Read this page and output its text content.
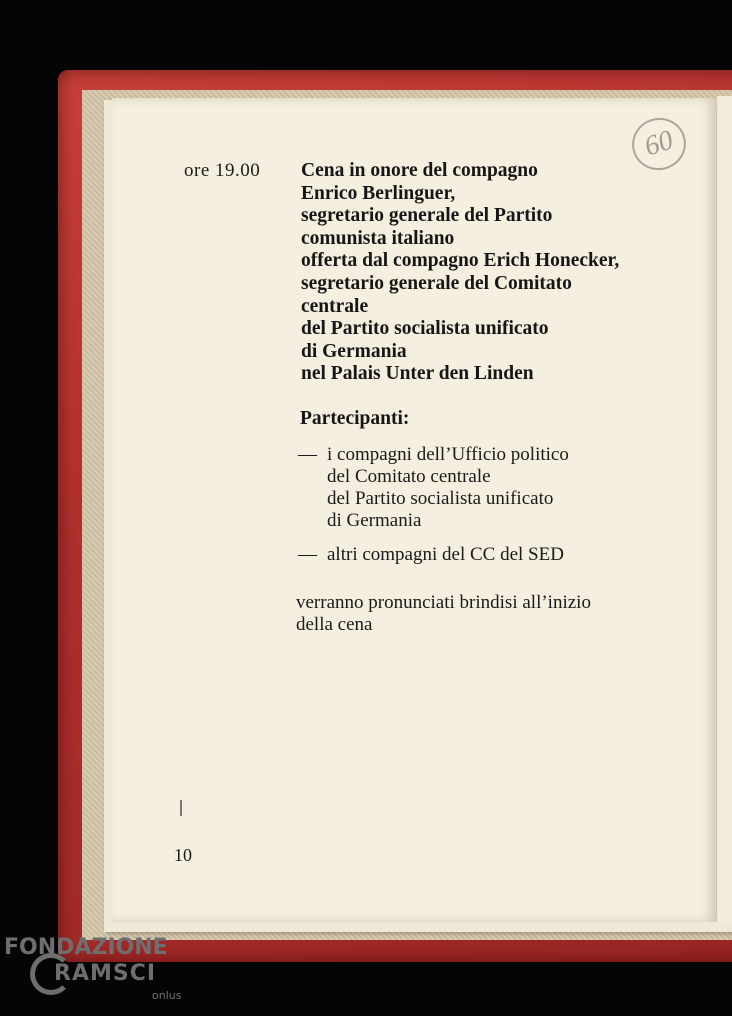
60
ore 19.00 Cena in onore del compagno
Enrico Berlinguer,
segretario generale del Partito
comunista italiano
offerta dal compagno Erich Honecker,
segretario generale del Comitato
centrale
del Partito socialista unificato
di Germania
nel Palais Unter den Linden
Partecipanti:
— i compagni dell’Ufficio politico
del Comitato centrale
del Partito socialista unificato
di Germania
— altri compagni del CC del SED
verranno pronunciati brindisi all’inizio
della cena
10
FONDAZIONE
RAMSCI
onlus
